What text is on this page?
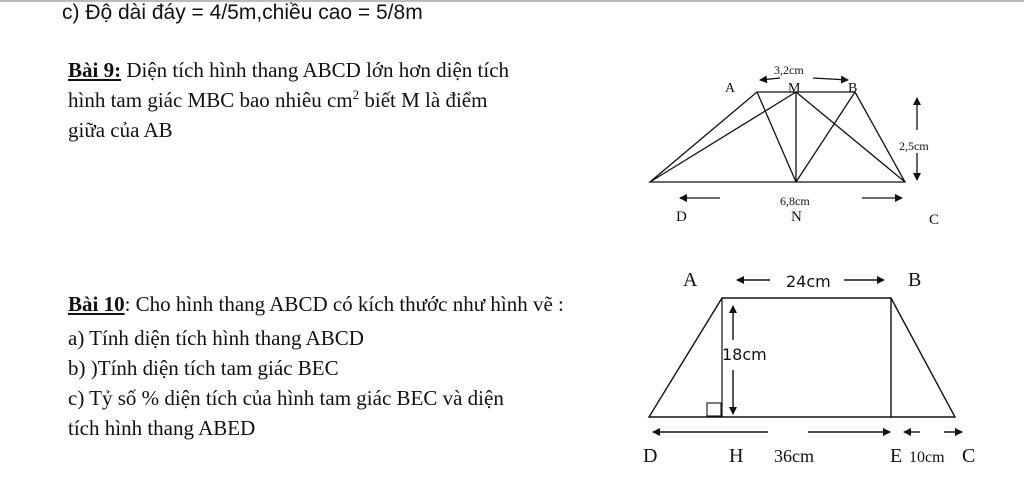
c) Độ dài đáy = 4/5m,chiều cao = 5/8m
Bài 9: Diện tích hình thang ABCD lớn hơn diện tích
hình tam giác MBC bao nhiêu $cm^2$ biết M là điểm
giữa của AB
Bài 10: Cho hình thang ABCD có kích thước như hình vẽ :
a) Tính diện tích hình thang ABCD
b) )Tính diện tích tam giác BEC
c) Tỷ số % diện tích của hình tam giác BEC và diện
tích hình thang ABED
A	M	B
3,2cm
2,5cm
6,8cm
D	N	C
A	24cm	B
18cm
D	H 36cm	E 10cm C
